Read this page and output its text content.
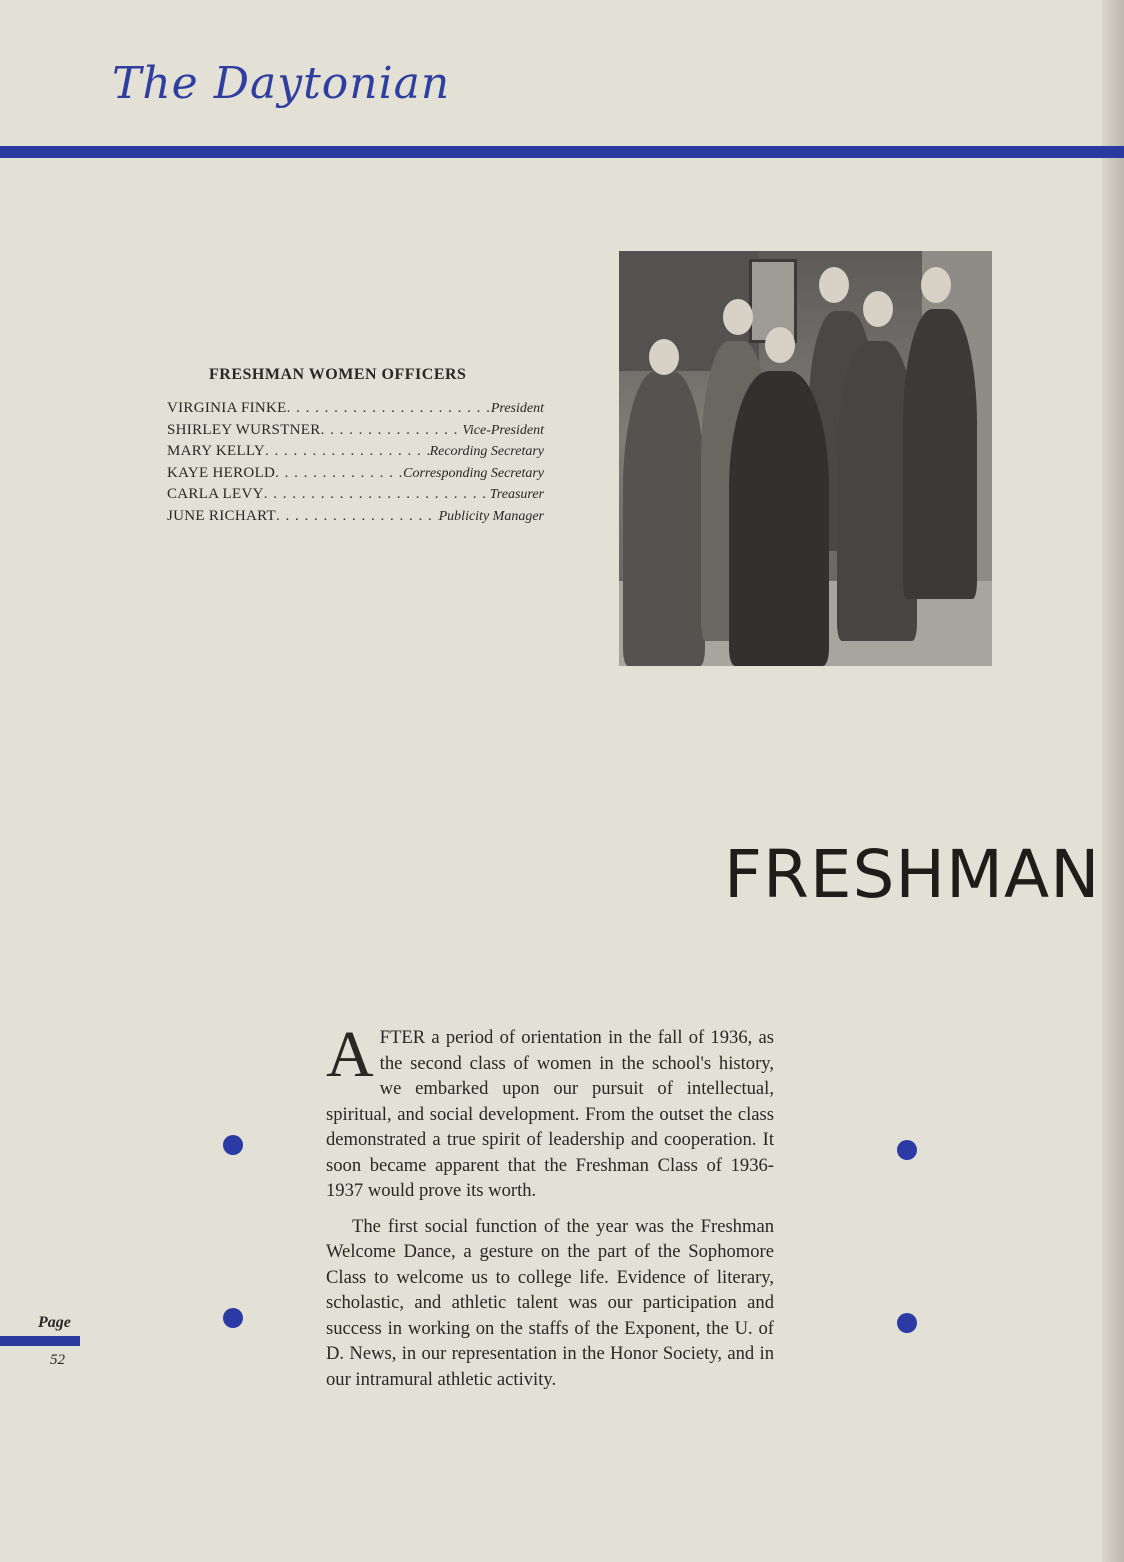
The Daytonian
FRESHMAN WOMEN OFFICERS
VIRGINIA FINKE . . .	President
SHIRLEY WURSTNER . . .	Vice-President
MARY KELLY . . .	Recording Secretary
KAYE HEROLD . . .	Corresponding Secretary
CARLA LEVY . . .	Treasurer
JUNE RICHART . . .	Publicity Manager
FRESHMAN

AFTER a period of orientation in the fall of 1936, as the second class of women in the school's history, we embarked upon our pursuit of intellectual, spiritual, and social development. From the outset the class demonstrated a true spirit of leadership and cooperation. It soon became apparent that the Freshman Class of 1936-1937 would prove its worth.

The first social function of the year was the Freshman Welcome Dance, a gesture on the part of the Sophomore Class to welcome us to college life. Evidence of literary, scholastic, and athletic talent was our participation and success in working on the staffs of the Exponent, the U. of D. News, in our representation in the Honor Society, and in our intramural athletic activity.

Page
52
